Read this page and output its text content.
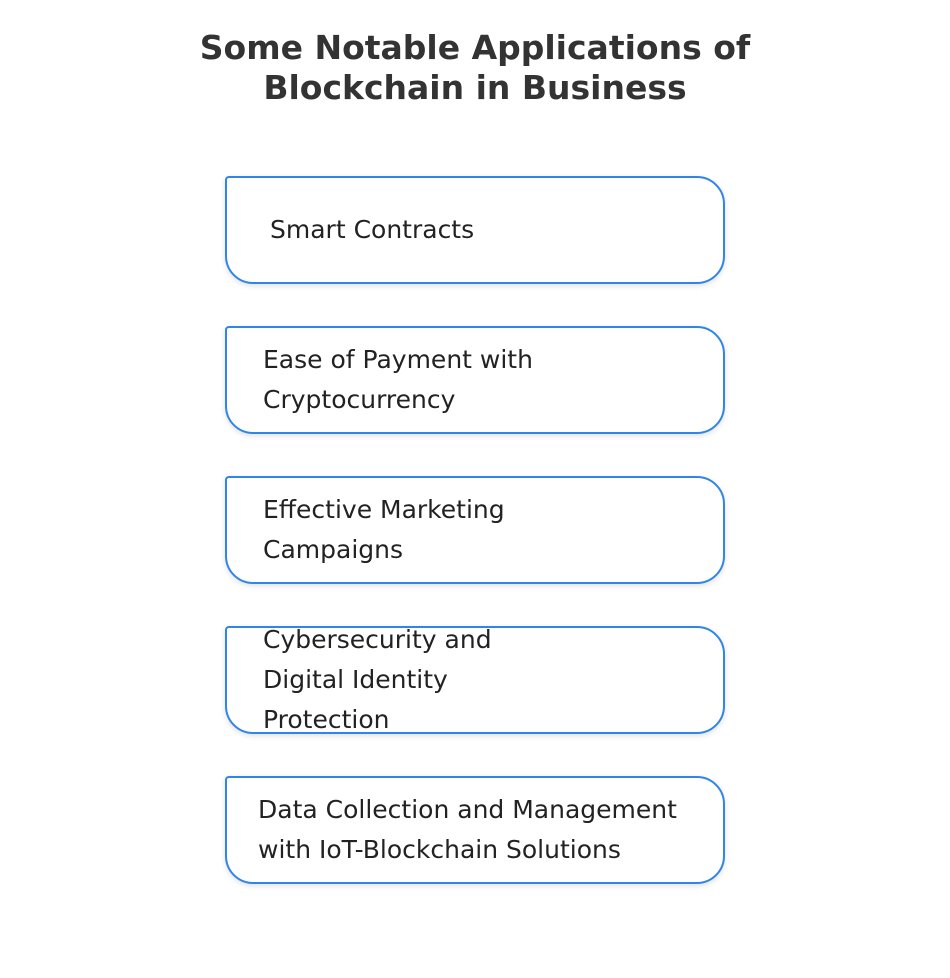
Some Notable Applications of
Blockchain in Business
Smart Contracts
Ease of Payment with Cryptocurrency
Effective Marketing Campaigns
Cybersecurity and Digital Identity Protection
Data Collection and Management with IoT-Blockchain Solutions
